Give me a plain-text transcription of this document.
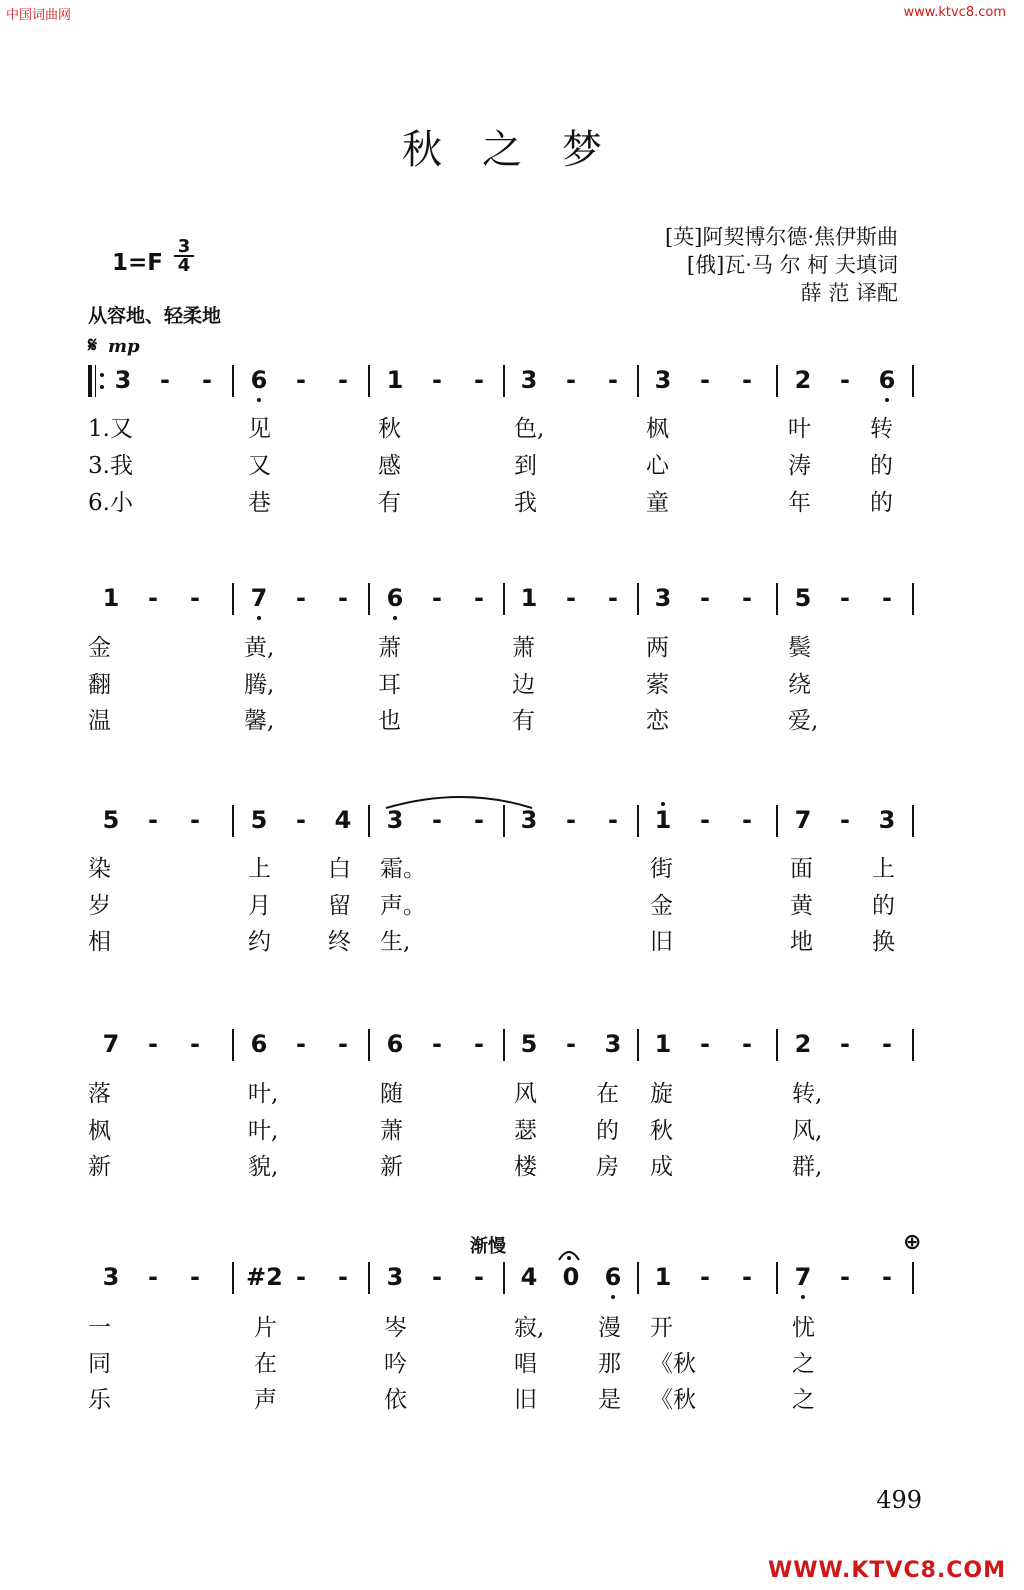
中国词曲网	www.ktvc8.com
秋之梦
[英]阿契博尔德·焦伊斯曲
[俄]瓦·马 尔 柯 夫填词
薛 范 译配
1=F
3
4
从容地、轻柔地
𝄋 mp
3	-	-	6	-	-	1	-	-	3	-	-	3	-	-	2	-	6
1.又	见	秋	色,	枫	叶	转
3.我	又	感	到	心	涛	的
6.小	巷	有	我	童	年	的
1	-	-	7	-	-	6	-	-	1	-	-	3	-	-	5	-	-
金	黄,	萧	萧	两	鬓
翻	腾,	耳	边	萦	绕
温	馨,	也	有	恋	爱,
5	-	-	5	-	4 3	-	-	3	-	-	1	-	-	7	-	3
染	上 白 霜。	街	面	上
岁	月 留 声。	金	黄	的
相	约 终 生,	旧	地	换
7	-	-	6	-	-	6	-	-	5	-	3 1	-	-	2	-	-
落	叶,	随	风	在 旋	转,
枫	叶,	萧	瑟	的 秋	风,
新	貌,	新	楼	房 成	群,
3	-	-	#2 -	-	3	-	-	4 0 6 1	-	-	7	-	-
一	片	岑	寂, 漫 开	忧
同	在	吟	唱	那 《秋	之
乐	声	依	旧	是 《秋	之
渐慢	⊕
499
WWW.KTVC8.COM
